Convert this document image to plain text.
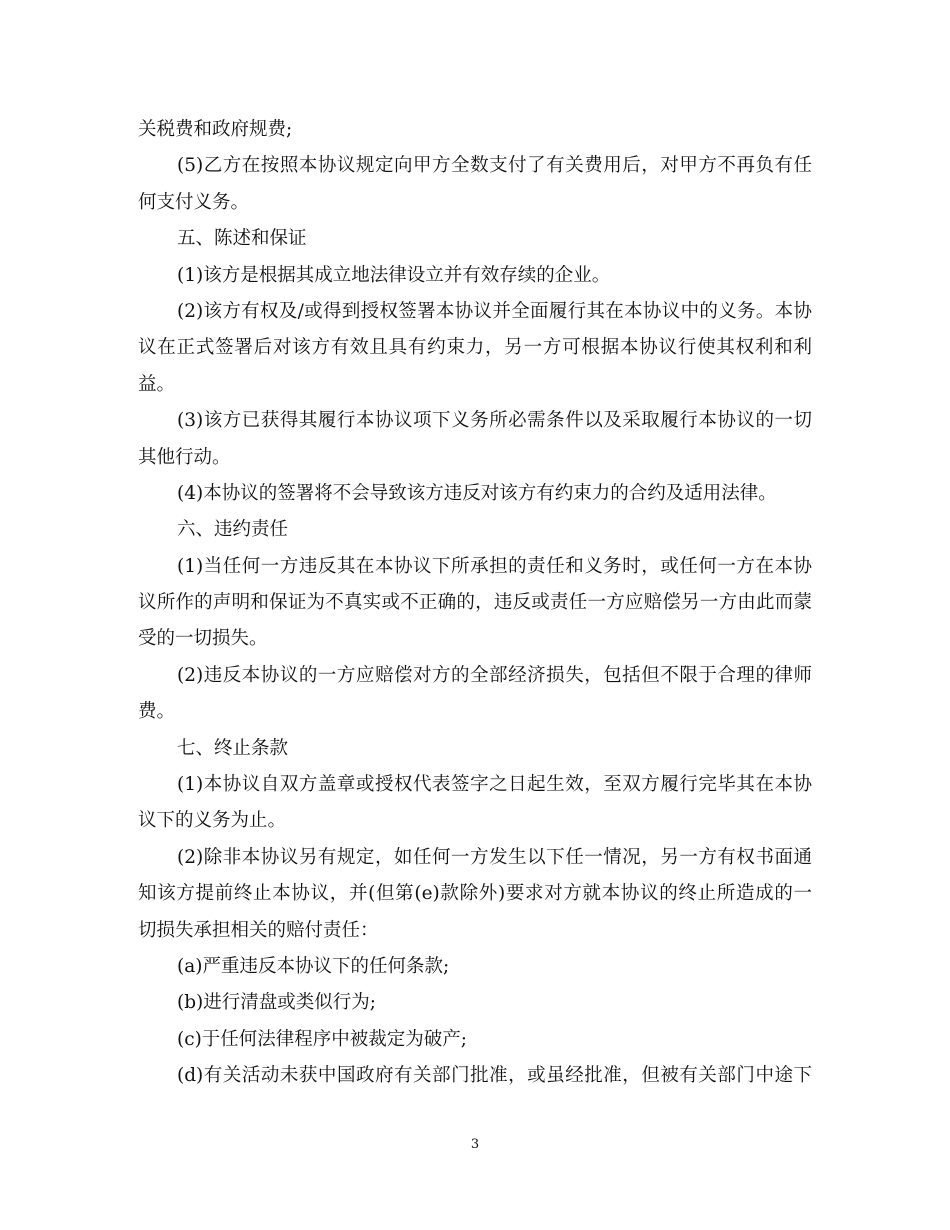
关税费和政府规费;
(5)乙方在按照本协议规定向甲方全数支付了有关费用后，对甲方不再负有任
何支付义务。
五、陈述和保证
(1)该方是根据其成立地法律设立并有效存续的企业。
(2)该方有权及/或得到授权签署本协议并全面履行其在本协议中的义务。本协
议在正式签署后对该方有效且具有约束力，另一方可根据本协议行使其权利和利
益。
(3)该方已获得其履行本协议项下义务所必需条件以及采取履行本协议的一切
其他行动。
(4)本协议的签署将不会导致该方违反对该方有约束力的合约及适用法律。
六、违约责任
(1)当任何一方违反其在本协议下所承担的责任和义务时，或任何一方在本协
议所作的声明和保证为不真实或不正确的，违反或责任一方应赔偿另一方由此而蒙
受的一切损失。
(2)违反本协议的一方应赔偿对方的全部经济损失，包括但不限于合理的律师
费。
七、终止条款
(1)本协议自双方盖章或授权代表签字之日起生效，至双方履行完毕其在本协
议下的义务为止。
(2)除非本协议另有规定，如任何一方发生以下任一情况，另一方有权书面通
知该方提前终止本协议，并(但第(e)款除外)要求对方就本协议的终止所造成的一
切损失承担相关的赔付责任：
(a)严重违反本协议下的任何条款;
(b)进行清盘或类似行为;
(c)于任何法律程序中被裁定为破产;
(d)有关活动未获中国政府有关部门批准，或虽经批准，但被有关部门中途下
3
